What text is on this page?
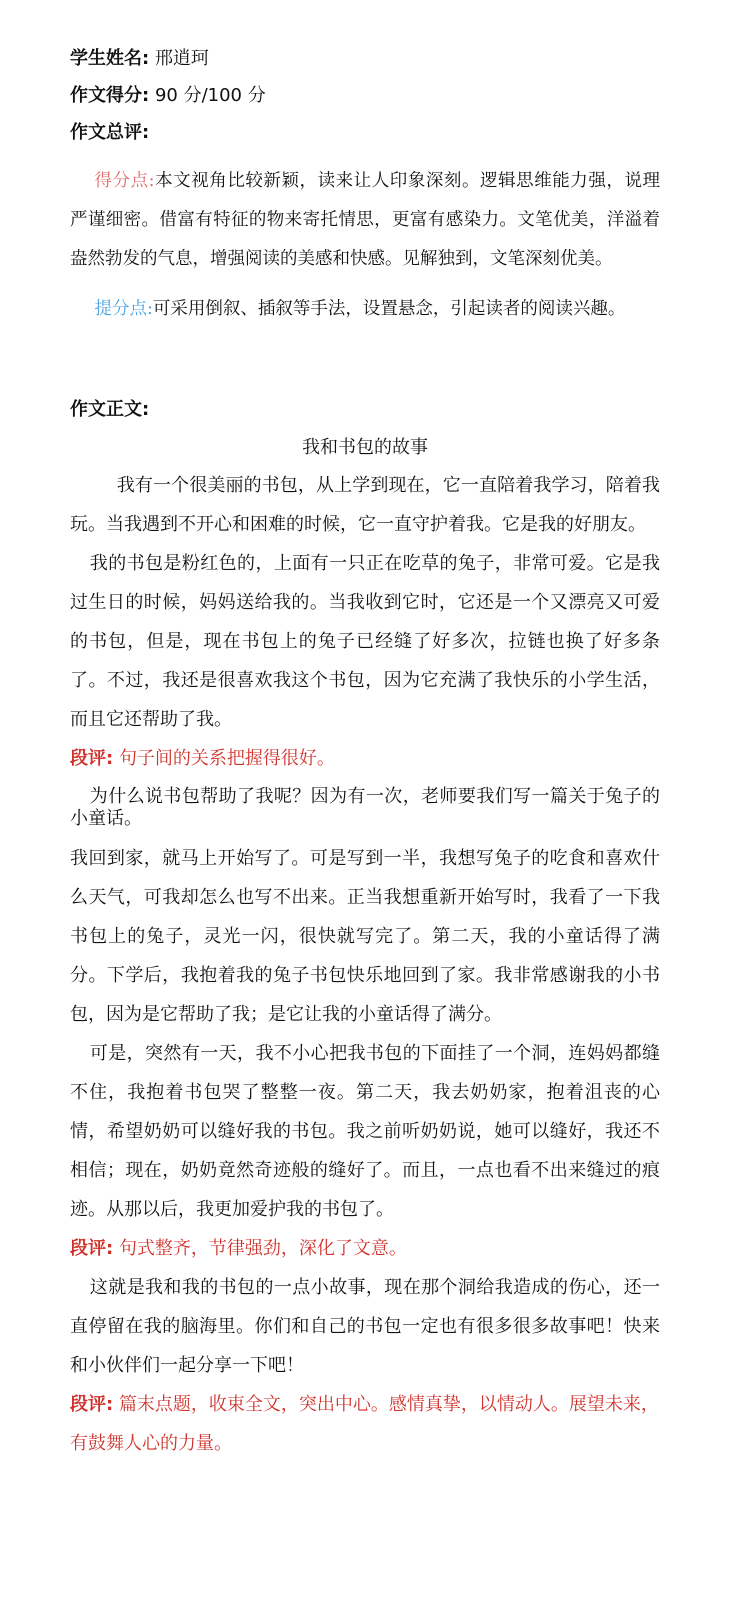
学生姓名: 邢逍珂
作文得分: 90 分/100 分
作文总评:

得分点:本文视角比较新颖，读来让人印象深刻。逻辑思维能力强，说理严谨细密。借富有特征的物来寄托情思，更富有感染力。文笔优美，洋溢着盎然勃发的气息，增强阅读的美感和快感。见解独到，文笔深刻优美。

提分点:可采用倒叙、插叙等手法，设置悬念，引起读者的阅读兴趣。

作文正文:
我和书包的故事

我有一个很美丽的书包，从上学到现在，它一直陪着我学习，陪着我玩。当我遇到不开心和困难的时候，它一直守护着我。它是我的好朋友。

我的书包是粉红色的，上面有一只正在吃草的兔子，非常可爱。它是我过生日的时候，妈妈送给我的。当我收到它时，它还是一个又漂亮又可爱的书包，但是，现在书包上的兔子已经缝了好多次，拉链也换了好多条了。不过，我还是很喜欢我这个书包，因为它充满了我快乐的小学生活，而且它还帮助了我。

段评: 句子间的关系把握得很好。

为什么说书包帮助了我呢？因为有一次，老师要我们写一篇关于兔子的小童话。
我回到家，就马上开始写了。可是写到一半，我想写兔子的吃食和喜欢什么天气，可我却怎么也写不出来。正当我想重新开始写时，我看了一下我书包上的兔子，灵光一闪，很快就写完了。第二天，我的小童话得了满分。下学后，我抱着我的兔子书包快乐地回到了家。我非常感谢我的小书包，因为是它帮助了我；是它让我的小童话得了满分。

可是，突然有一天，我不小心把我书包的下面挂了一个洞，连妈妈都缝不住，我抱着书包哭了整整一夜。第二天，我去奶奶家，抱着沮丧的心情，希望奶奶可以缝好我的书包。我之前听奶奶说，她可以缝好，我还不相信；现在，奶奶竟然奇迹般的缝好了。而且，一点也看不出来缝过的痕迹。从那以后，我更加爱护我的书包了。

段评: 句式整齐，节律强劲，深化了文意。

这就是我和我的书包的一点小故事，现在那个洞给我造成的伤心，还一直停留在我的脑海里。你们和自己的书包一定也有很多很多故事吧！快来和小伙伴们一起分享一下吧！

段评: 篇末点题，收束全文，突出中心。感情真挚，以情动人。展望未来，有鼓舞人心的力量。
